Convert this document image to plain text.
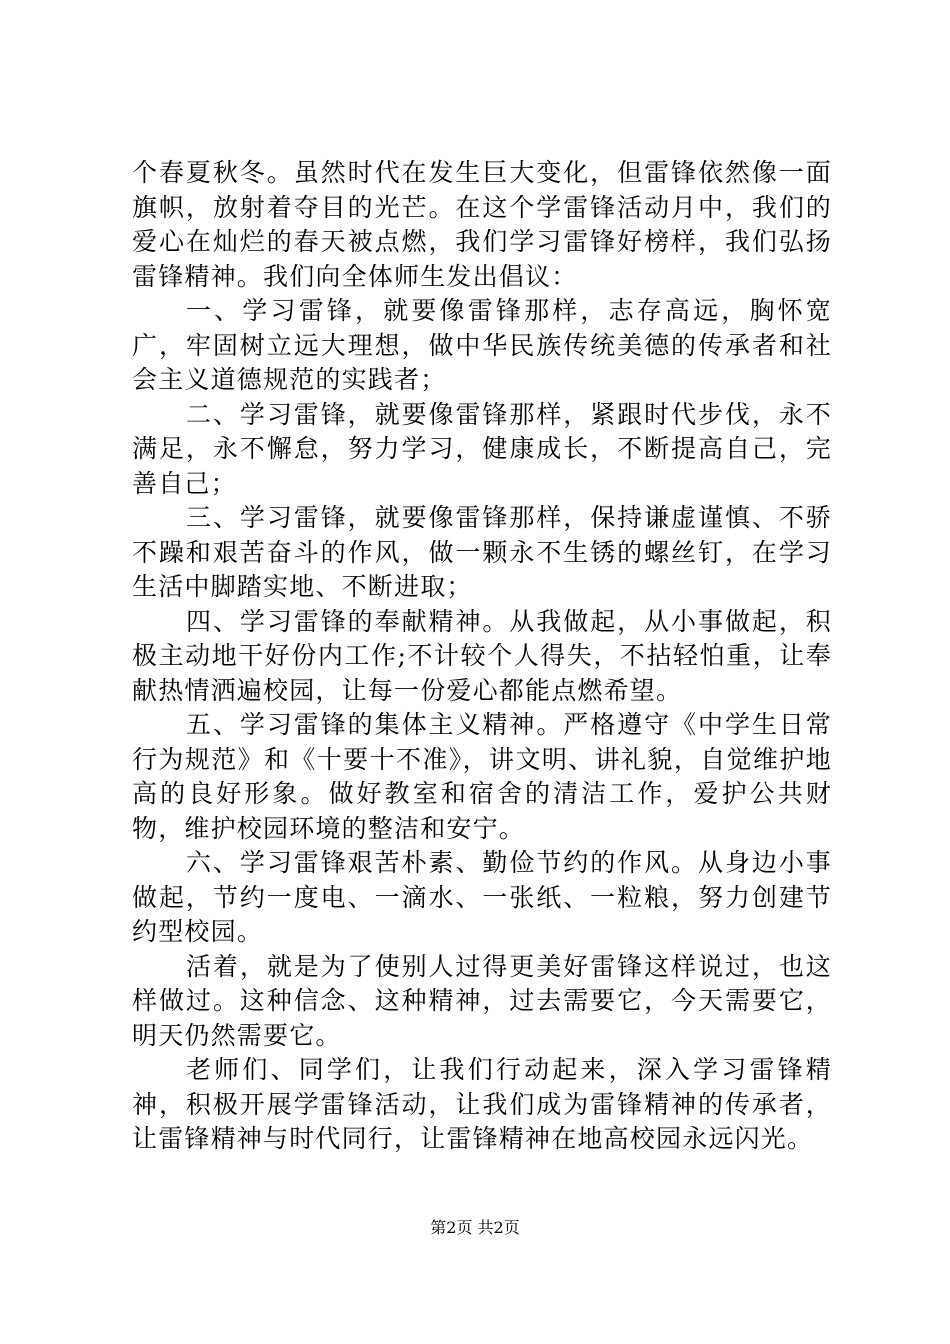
个春夏秋冬。虽然时代在发生巨大变化，但雷锋依然像一面旗帜，放射着夺目的光芒。在这个学雷锋活动月中，我们的爱心在灿烂的春天被点燃，我们学习雷锋好榜样，我们弘扬雷锋精神。我们向全体师生发出倡议：

一、学习雷锋，就要像雷锋那样，志存高远，胸怀宽广，牢固树立远大理想，做中华民族传统美德的传承者和社会主义道德规范的实践者；

二、学习雷锋，就要像雷锋那样，紧跟时代步伐，永不满足，永不懈怠，努力学习，健康成长，不断提高自己，完善自己；

三、学习雷锋，就要像雷锋那样，保持谦虚谨慎、不骄不躁和艰苦奋斗的作风，做一颗永不生锈的螺丝钉，在学习生活中脚踏实地、不断进取；

四、学习雷锋的奉献精神。从我做起，从小事做起，积极主动地干好份内工作;不计较个人得失，不拈轻怕重，让奉献热情洒遍校园，让每一份爱心都能点燃希望。

五、学习雷锋的集体主义精神。严格遵守《中学生日常行为规范》和《十要十不准》，讲文明、讲礼貌，自觉维护地高的良好形象。做好教室和宿舍的清洁工作，爱护公共财物，维护校园环境的整洁和安宁。

六、学习雷锋艰苦朴素、勤俭节约的作风。从身边小事做起，节约一度电、一滴水、一张纸、一粒粮，努力创建节约型校园。

活着，就是为了使别人过得更美好雷锋这样说过，也这样做过。这种信念、这种精神，过去需要它，今天需要它，明天仍然需要它。

老师们、同学们，让我们行动起来，深入学习雷锋精神，积极开展学雷锋活动，让我们成为雷锋精神的传承者，让雷锋精神与时代同行，让雷锋精神在地高校园永远闪光。

第2页 共2页
